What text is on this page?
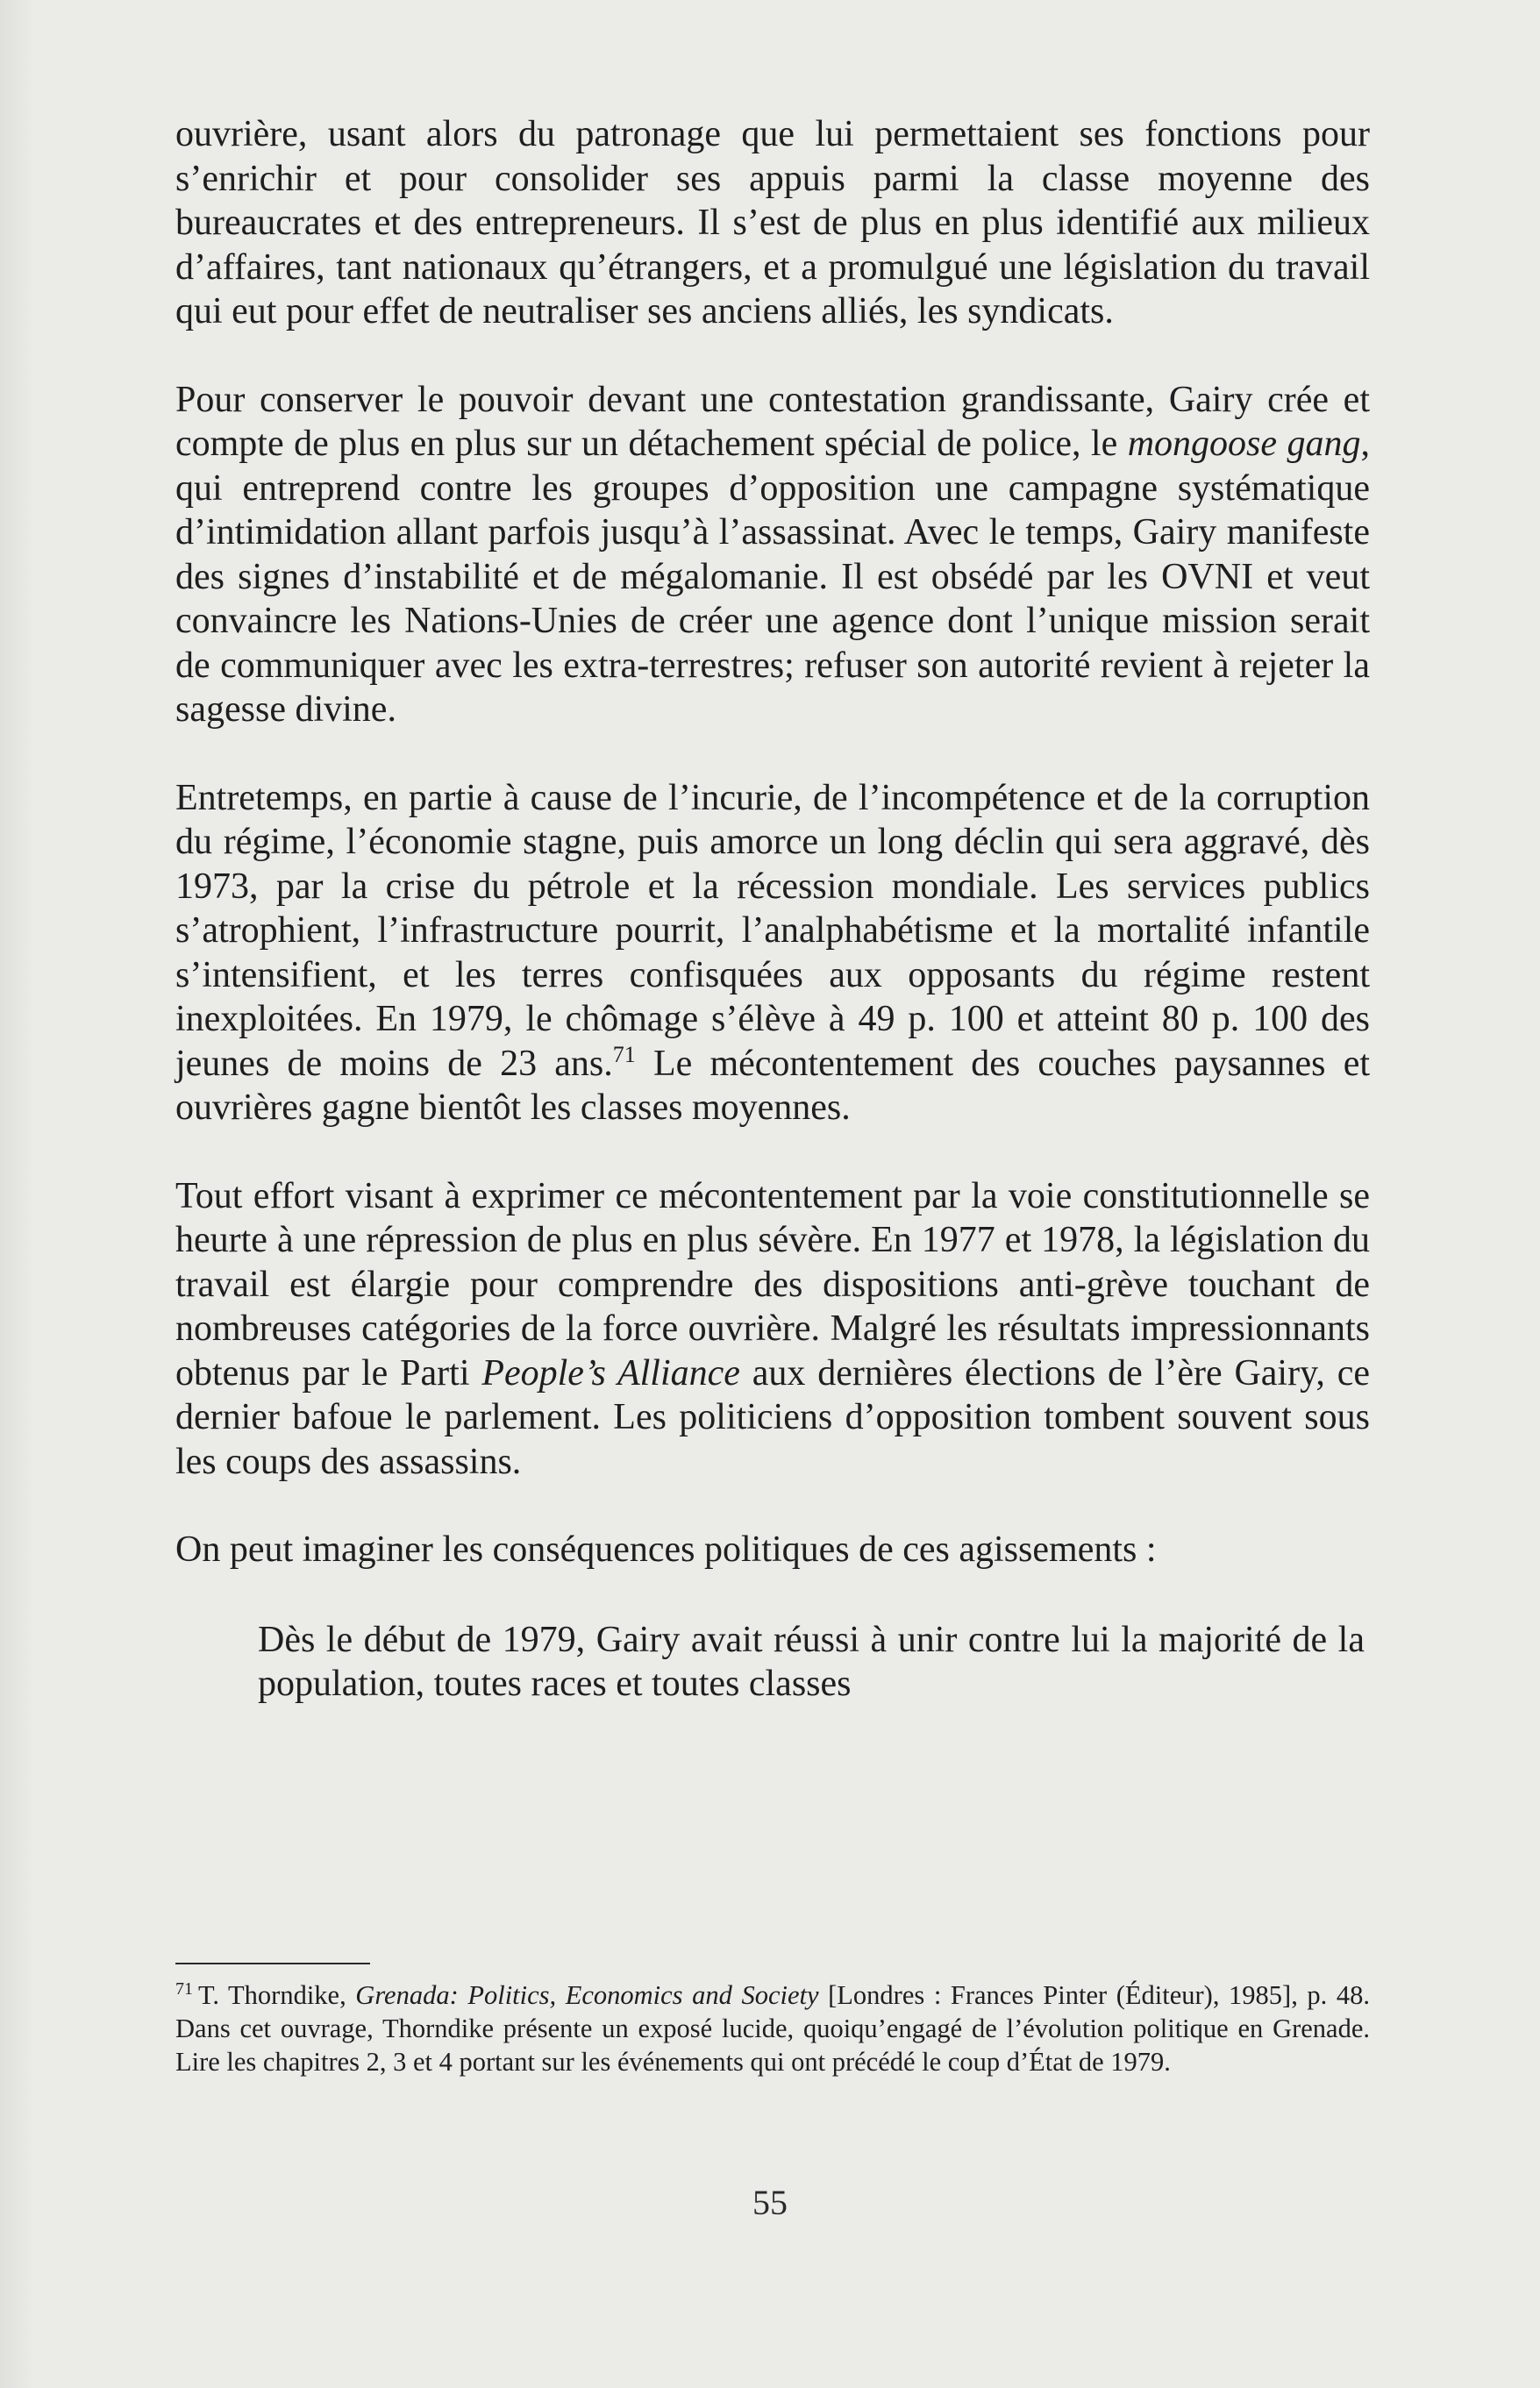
ouvrière, usant alors du patronage que lui permettaient ses fonctions pour s’enrichir et pour consolider ses appuis parmi la classe moyenne des bureaucrates et des entrepreneurs. Il s’est de plus en plus identifié aux milieux d’affaires, tant nationaux qu’étrangers, et a promulgué une législation du travail qui eut pour effet de neutraliser ses anciens alliés, les syndicats.

Pour conserver le pouvoir devant une contestation grandissante, Gairy crée et compte de plus en plus sur un détachement spécial de police, le mongoose gang, qui entreprend contre les groupes d’opposition une campagne systématique d’intimidation allant parfois jusqu’à l’assassinat. Avec le temps, Gairy manifeste des signes d’instabilité et de mégalomanie. Il est obsédé par les OVNI et veut convaincre les Nations-Unies de créer une agence dont l’unique mission serait de communiquer avec les extra-terrestres; refuser son autorité revient à rejeter la sagesse divine.

Entretemps, en partie à cause de l’incurie, de l’incompétence et de la corruption du régime, l’économie stagne, puis amorce un long déclin qui sera aggravé, dès 1973, par la crise du pétrole et la récession mondiale. Les services publics s’atrophient, l’infrastructure pourrit, l’analphabétisme et la mortalité infantile s’intensifient, et les terres confisquées aux opposants du régime restent inexploitées. En 1979, le chômage s’élève à 49 p. 100 et atteint 80 p. 100 des jeunes de moins de 23 ans.$^{71}$ Le mécontentement des couches paysannes et ouvrières gagne bientôt les classes moyennes.

Tout effort visant à exprimer ce mécontentement par la voie constitutionnelle se heurte à une répression de plus en plus sévère. En 1977 et 1978, la législation du travail est élargie pour comprendre des dispositions anti-grève touchant de nombreuses catégories de la force ouvrière. Malgré les résultats impressionnants obtenus par le Parti People’s Alliance aux dernières élections de l’ère Gairy, ce dernier bafoue le parlement. Les politiciens d’opposition tombent souvent sous les coups des assassins.

On peut imaginer les conséquences politiques de ces agissements :

Dès le début de 1979, Gairy avait réussi à unir contre lui la majorité de la population, toutes races et toutes classes

$^{71}$ T. Thorndike, Grenada: Politics, Economics and Society [Londres : Frances Pinter (Éditeur), 1985], p. 48. Dans cet ouvrage, Thorndike présente un exposé lucide, quoiqu’engagé de l’évolution politique en Grenade. Lire les chapitres 2, 3 et 4 portant sur les événements qui ont précédé le coup d’État de 1979.
55
